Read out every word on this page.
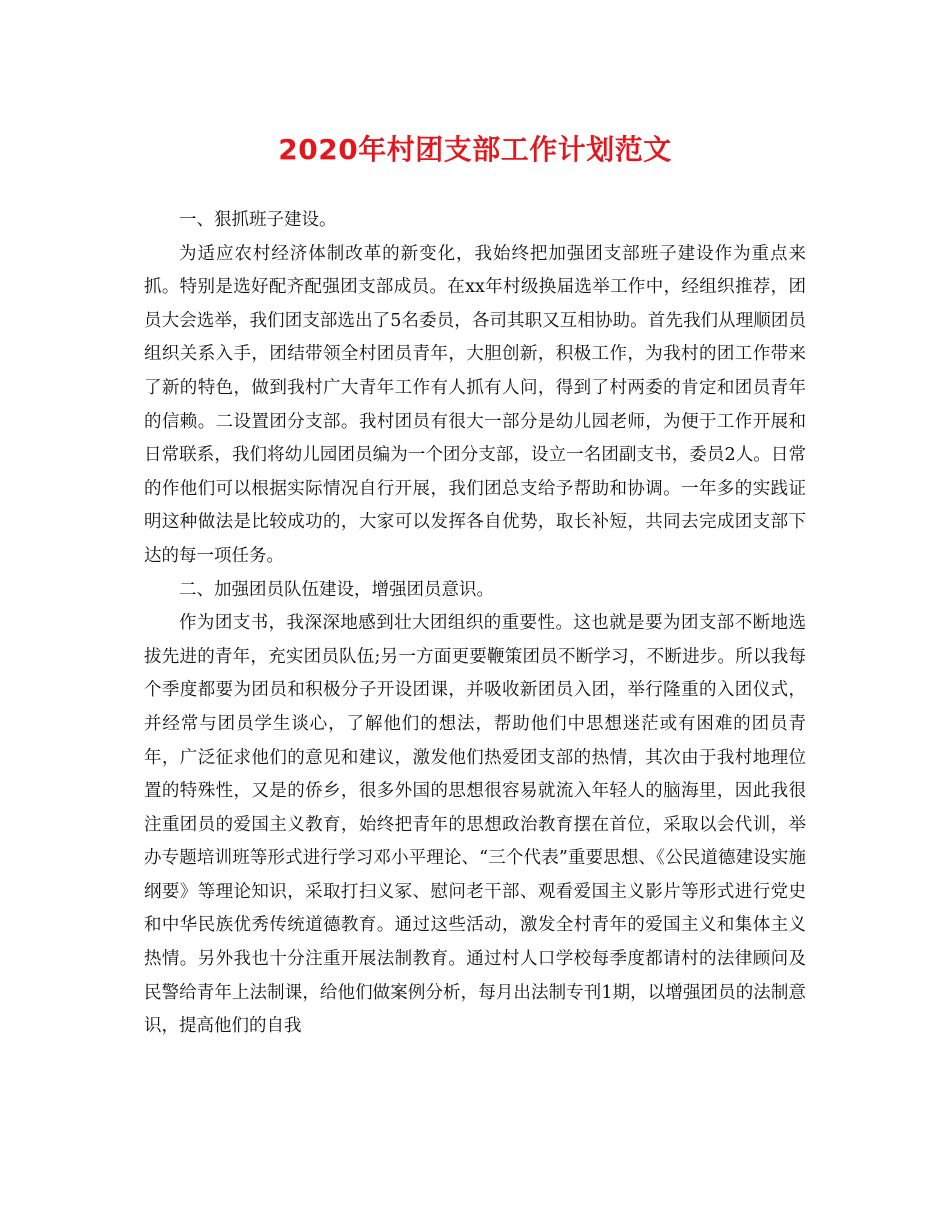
2020年村团支部工作计划范文

一、狠抓班子建设。

为适应农村经济体制改革的新变化，我始终把加强团支部班子建设作为重点来抓。特别是选好配齐配强团支部成员。在xx年村级换届选举工作中，经组织推荐，团员大会选举，我们团支部选出了5名委员，各司其职又互相协助。首先我们从理顺团员组织关系入手，团结带领全村团员青年，大胆创新，积极工作，为我村的团工作带来了新的特色，做到我村广大青年工作有人抓有人问，得到了村两委的肯定和团员青年的信赖。二设置团分支部。我村团员有很大一部分是幼儿园老师，为便于工作开展和日常联系，我们将幼儿园团员编为一个团分支部，设立一名团副支书，委员2人。日常的作他们可以根据实际情况自行开展，我们团总支给予帮助和协调。一年多的实践证明这种做法是比较成功的，大家可以发挥各自优势，取长补短，共同去完成团支部下达的每一项任务。

二、加强团员队伍建设，增强团员意识。

作为团支书，我深深地感到壮大团组织的重要性。这也就是要为团支部不断地选拔先进的青年，充实团员队伍;另一方面更要鞭策团员不断学习，不断进步。所以我每个季度都要为团员和积极分子开设团课，并吸收新团员入团，举行隆重的入团仪式，并经常与团员学生谈心，了解他们的想法，帮助他们中思想迷茫或有困难的团员青年，广泛征求他们的意见和建议，激发他们热爱团支部的热情，其次由于我村地理位置的特殊性，又是的侨乡，很多外国的思想很容易就流入年轻人的脑海里，因此我很注重团员的爱国主义教育，始终把青年的思想政治教育摆在首位，采取以会代训，举办专题培训班等形式进行学习邓小平理论、“三个代表”重要思想、《公民道德建设实施纲要》等理论知识，采取打扫义冢、慰问老干部、观看爱国主义影片等形式进行党史和中华民族优秀传统道德教育。通过这些活动，激发全村青年的爱国主义和集体主义热情。另外我也十分注重开展法制教育。通过村人口学校每季度都请村的法律顾问及民警给青年上法制课，给他们做案例分析，每月出法制专刊1期，以增强团员的法制意识，提高他们的自我
